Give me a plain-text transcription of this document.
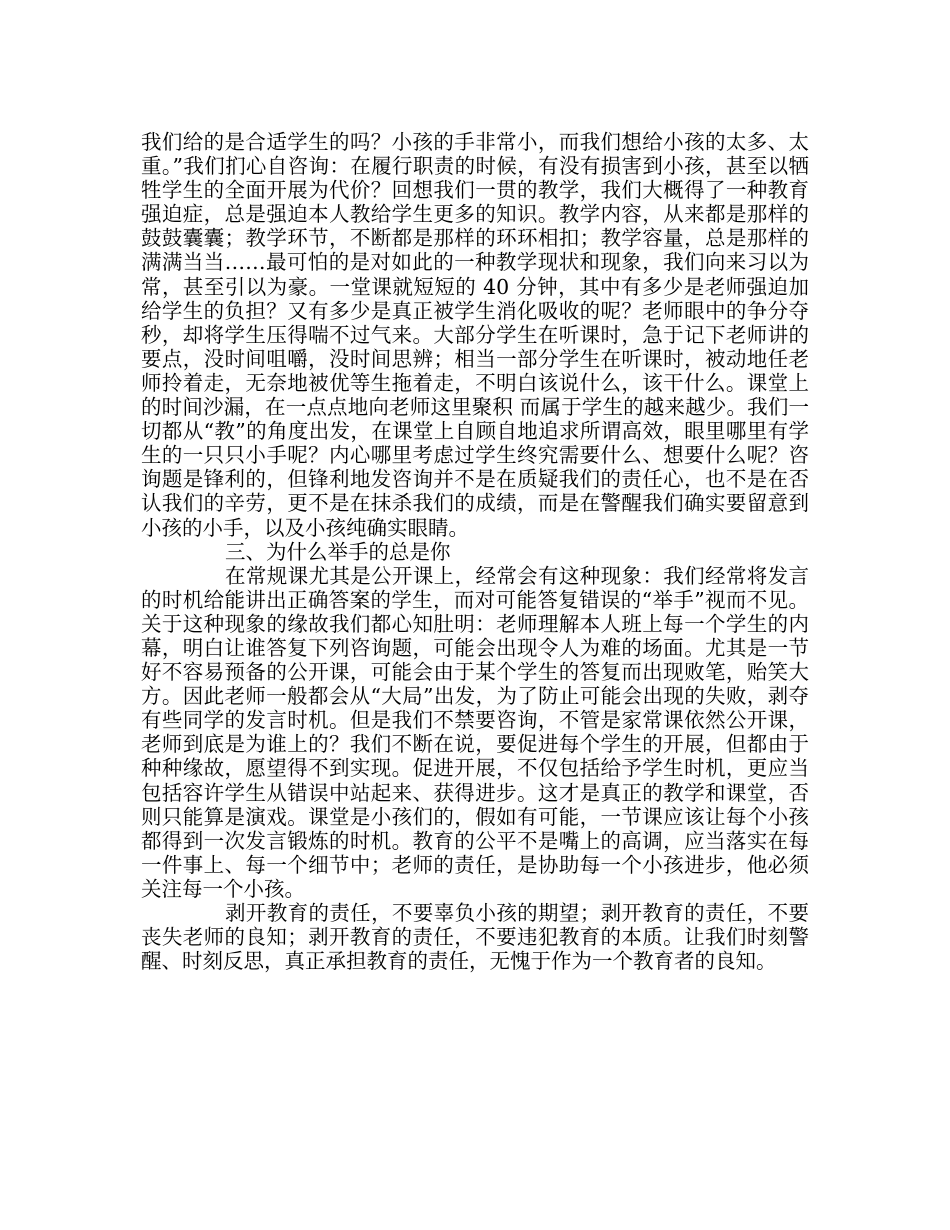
我们给的是合适学生的吗？小孩的手非常小，而我们想给小孩的太多、太重。”我们扪心自咨询：在履行职责的时候，有没有损害到小孩，甚至以牺牲学生的全面开展为代价？回想我们一贯的教学，我们大概得了一种教育强迫症，总是强迫本人教给学生更多的知识。教学内容，从来都是那样的鼓鼓囊囊；教学环节，不断都是那样的环环相扣；教学容量，总是那样的满满当当……最可怕的是对如此的一种教学现状和现象，我们向来习以为常，甚至引以为豪。一堂课就短短的 40 分钟，其中有多少是老师强迫加给学生的负担？又有多少是真正被学生消化吸收的呢？老师眼中的争分夺秒，却将学生压得喘不过气来。大部分学生在听课时，急于记下老师讲的要点，没时间咀嚼，没时间思辨；相当一部分学生在听课时，被动地任老师拎着走，无奈地被优等生拖着走，不明白该说什么，该干什么。课堂上的时间沙漏，在一点点地向老师这里聚积 而属于学生的越来越少。我们一切都从“教”的角度出发，在课堂上自顾自地追求所谓高效，眼里哪里有学生的一只只小手呢？内心哪里考虑过学生终究需要什么、想要什么呢？咨询题是锋利的，但锋利地发咨询并不是在质疑我们的责任心，也不是在否认我们的辛劳，更不是在抹杀我们的成绩，而是在警醒我们确实要留意到小孩的小手，以及小孩纯确实眼睛。

三、为什么举手的总是你

在常规课尤其是公开课上，经常会有这种现象：我们经常将发言的时机给能讲出正确答案的学生，而对可能答复错误的“举手”视而不见。关于这种现象的缘故我们都心知肚明：老师理解本人班上每一个学生的内幕，明白让谁答复下列咨询题，可能会出现令人为难的场面。尤其是一节好不容易预备的公开课，可能会由于某个学生的答复而出现败笔，贻笑大方。因此老师一般都会从“大局”出发，为了防止可能会出现的失败，剥夺有些同学的发言时机。但是我们不禁要咨询，不管是家常课依然公开课，老师到底是为谁上的？我们不断在说，要促进每个学生的开展，但都由于种种缘故，愿望得不到实现。促进开展，不仅包括给予学生时机，更应当包括容许学生从错误中站起来、获得进步。这才是真正的教学和课堂，否则只能算是演戏。课堂是小孩们的，假如有可能，一节课应该让每个小孩都得到一次发言锻炼的时机。教育的公平不是嘴上的高调，应当落实在每一件事上、每一个细节中；老师的责任，是协助每一个小孩进步，他必须关注每一个小孩。

剥开教育的责任，不要辜负小孩的期望；剥开教育的责任，不要丧失老师的良知；剥开教育的责任，不要违犯教育的本质。让我们时刻警醒、时刻反思，真正承担教育的责任，无愧于作为一个教育者的良知。
